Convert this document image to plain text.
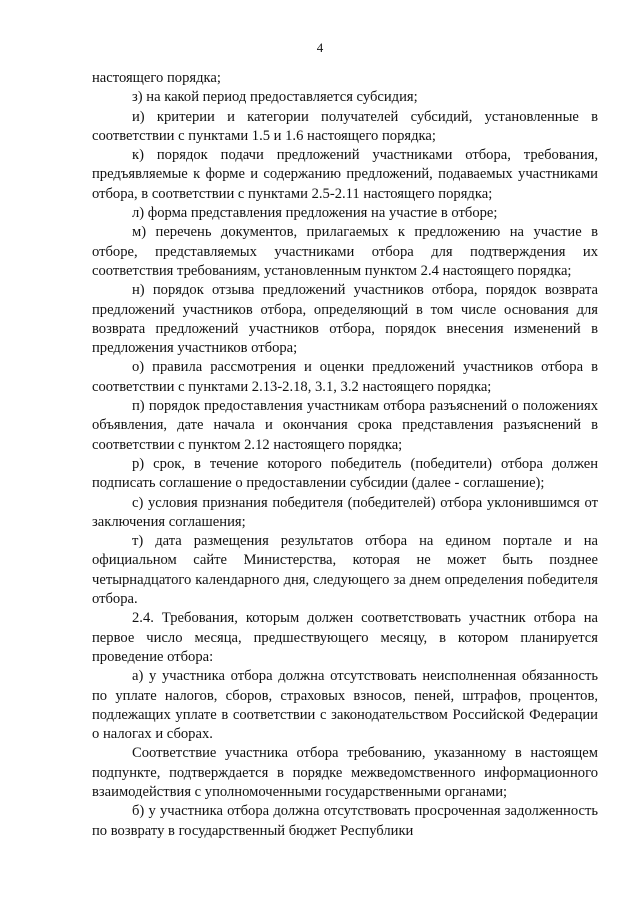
4

настоящего порядка;

з) на какой период предоставляется субсидия;

и) критерии и категории получателей субсидий, установленные в соответствии с пунктами 1.5 и 1.6 настоящего порядка;

к) порядок подачи предложений участниками отбора, требования, предъявляемые к форме и содержанию предложений, подаваемых участниками отбора, в соответствии с пунктами 2.5-2.11 настоящего порядка;

л) форма представления предложения на участие в отборе;

м) перечень документов, прилагаемых к предложению на участие в отборе, представляемых участниками отбора для подтверждения их соответствия требованиям, установленным пунктом 2.4 настоящего порядка;

н) порядок отзыва предложений участников отбора, порядок возврата предложений участников отбора, определяющий в том числе основания для возврата предложений участников отбора, порядок внесения изменений в предложения участников отбора;

о) правила рассмотрения и оценки предложений участников отбора в соответствии с пунктами 2.13-2.18, 3.1, 3.2 настоящего порядка;

п) порядок предоставления участникам отбора разъяснений о положениях объявления, дате начала и окончания срока представления разъяснений в соответствии с пунктом 2.12 настоящего порядка;

р) срок, в течение которого победитель (победители) отбора должен подписать соглашение о предоставлении субсидии (далее - соглашение);

с) условия признания победителя (победителей) отбора уклонившимся от заключения соглашения;

т) дата размещения результатов отбора на едином портале и на официальном сайте Министерства, которая не может быть позднее четырнадцатого календарного дня, следующего за днем определения победителя отбора.

2.4. Требования, которым должен соответствовать участник отбора на первое число месяца, предшествующего месяцу, в котором планируется проведение отбора:

а) у участника отбора должна отсутствовать неисполненная обязанность по уплате налогов, сборов, страховых взносов, пеней, штрафов, процентов, подлежащих уплате в соответствии с законодательством Российской Федерации о налогах и сборах.

Соответствие участника отбора требованию, указанному в настоящем подпункте, подтверждается в порядке межведомственного информационного взаимодействия с уполномоченными государственными органами;

б) у участника отбора должна отсутствовать просроченная задолженность по возврату в государственный бюджет Республики
